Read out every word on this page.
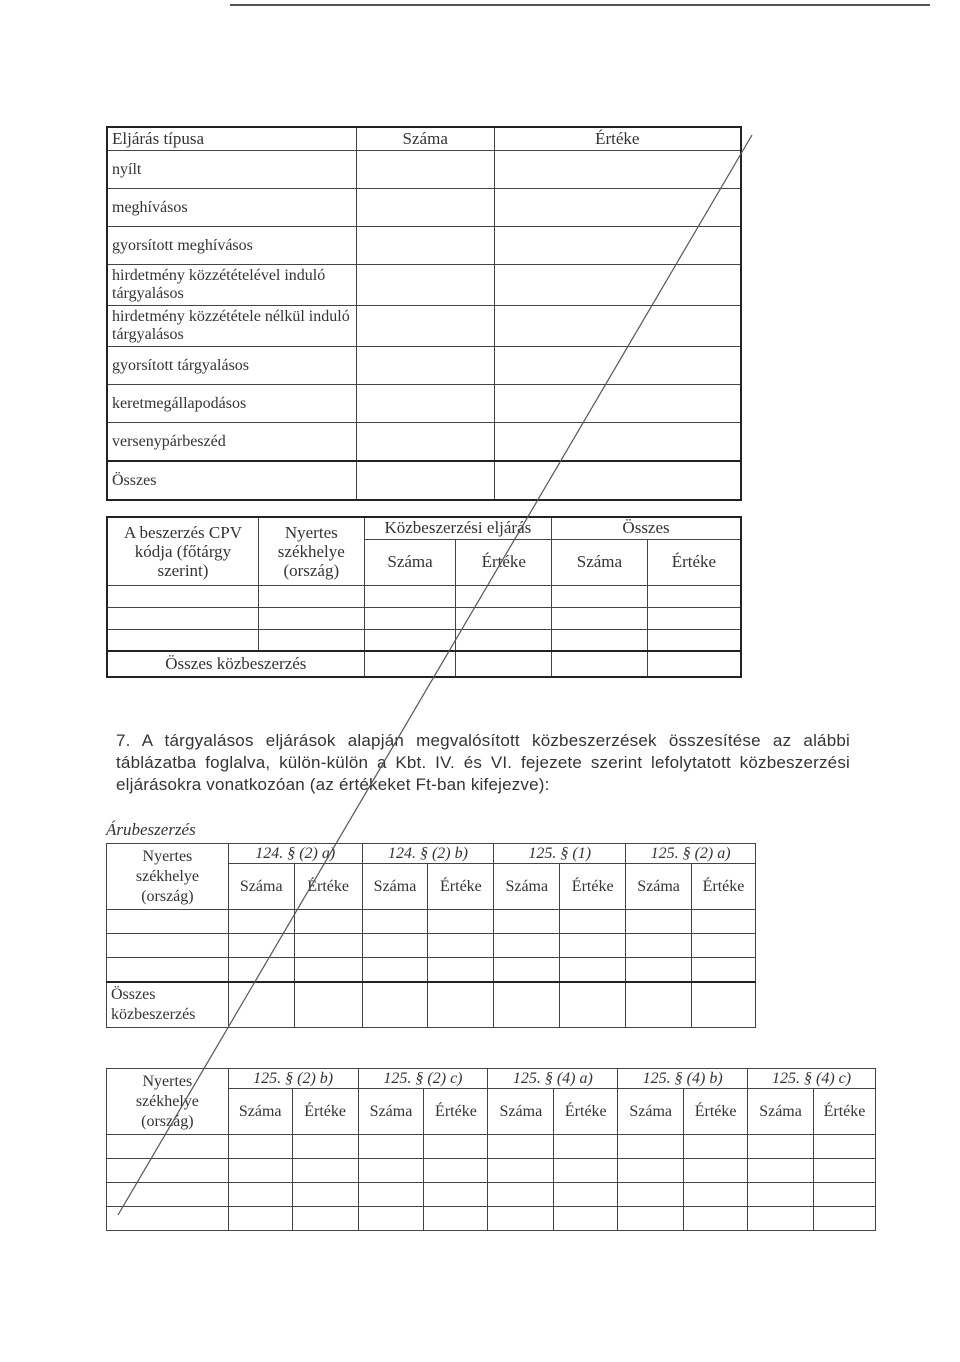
Eljárás típusa	Száma	Értéke
nyílt		
meghívásos		
gyorsított meghívásos		
hirdetmény közzétételével induló tárgyalásos		
hirdetmény közzététele nélkül induló tárgyalásos		
gyorsított tárgyalásos		
keretmegállapodásos		
versenypárbeszéd		
Összes		
A beszerzés CPV kódja (főtárgy szerint)	Nyertes székhelye (ország)	Közbeszerzési eljárás		Összes	
		Száma	Értéke	Száma	Értéke

Összes közbeszerzés					
7. A tárgyalásos eljárások alapján megvalósított közbeszerzések összesítése az alábbi táblázatba foglalva, külön-külön a Kbt. IV. és VI. fejezete szerint lefolytatott közbeszerzési eljárásokra vonatkozóan (az értékeket Ft-ban kifejezve):
Árubeszerzés
Nyertes székhelye (ország)	124. § (2) a)		124. § (2) b)		125. § (1)		125. § (2) a)	
	Száma	Értéke	Száma	Értéke	Száma	Értéke	Száma	Értéke

Összes közbeszerzés								
Nyertes székhelye (ország)	125. § (2) b)		125. § (2) c)		125. § (4) a)		125. § (4) b)		125. § (4) c)	
	Száma	Értéke	Száma	Értéke	Száma	Értéke	Száma	Értéke	Száma	Értéke
